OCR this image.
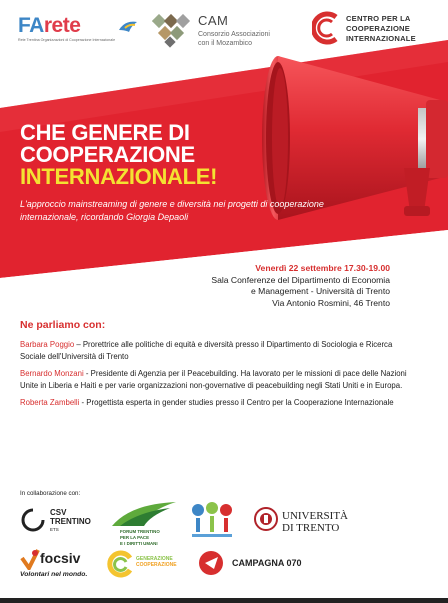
FArete
Rete Trentina Organizzazioni di Cooperazione Internazionale
CAM
Consorzio Associazioni
con il Mozambico
CENTRO PER LA
COOPERAZIONE
INTERNAZIONALE
CHE GENERE DI
COOPERAZIONE
INTERNAZIONALE!
L'approccio mainstreaming di genere e diversità nei progetti di cooperazione internazionale, ricordando Giorgia Depaoli
Venerdì 22 settembre 17.30-19.00
Sala Conferenze del Dipartimento di Economia
e Management - Università di Trento
Via Antonio Rosmini, 46 Trento
Ne parliamo con:
Barbara Poggio – Prorettrice alle politiche di equità e diversità presso il Dipartimento di Sociologia e Ricerca Sociale dell'Università di Trento
Bernardo Monzani - Presidente di Agenzia per il Peacebuilding. Ha lavorato per le missioni di pace delle Nazioni Unite in Liberia e Haiti e per varie organizzazioni non-governative di peacebuilding negli Stati Uniti e in Europa.
Roberta Zambelli - Progettista esperta in gender studies presso il Centro per la Cooperazione Internazionale
In collaborazione con:
CSV
TRENTINO
ETS	FORUM TRENTINO
PER LA PACE
E I DIRITTI UMANI
UNIVERSITÀ
DI TRENTO
focsiv
Volontari nel mondo.
GENERAZIONE
COOPERAZIONE	CAMPAGNA 070
